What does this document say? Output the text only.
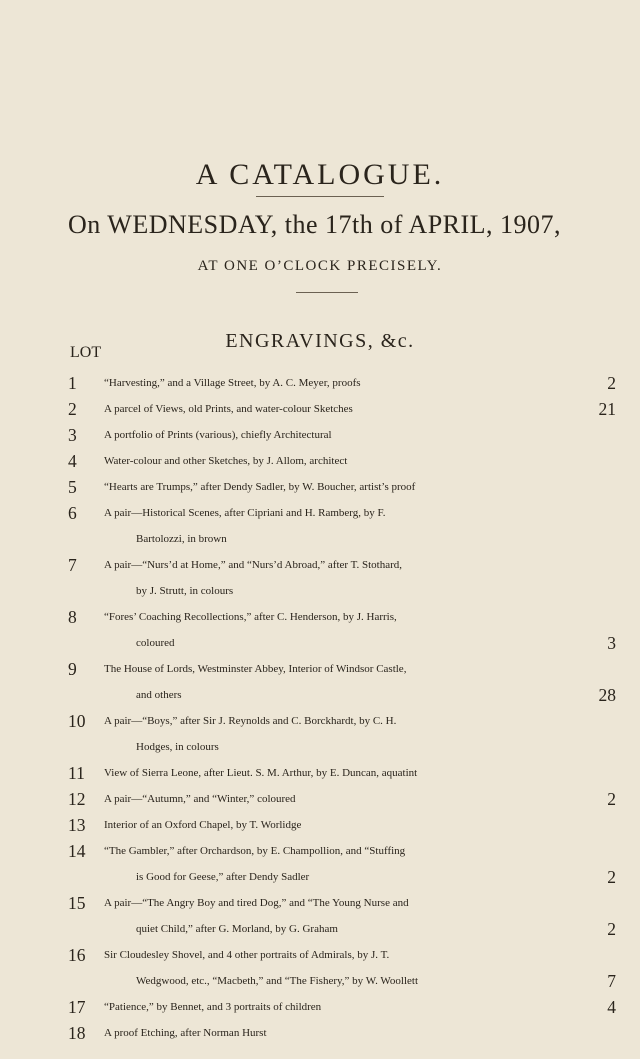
A CATALOGUE.
On WEDNESDAY, the 17th of APRIL, 1907,
AT ONE O’CLOCK PRECISELY.
ENGRAVINGS, &c.
LOT
1	“Harvesting,” and a Village Street, by A. C. Meyer, proofs	2
2	A parcel of Views, old Prints, and water-colour Sketches	21
3	A portfolio of Prints (various), chiefly Architectural
4	Water-colour and other Sketches, by J. Allom, architect
5	“Hearts are Trumps,” after Dendy Sadler, by W. Boucher, artist’s proof
6	A pair—Historical Scenes, after Cipriani and H. Ramberg, by F.
Bartolozzi, in brown
7	A pair—“Nurs’d at Home,” and “Nurs’d Abroad,” after T. Stothard,
by J. Strutt, in colours
8	“Fores’ Coaching Recollections,” after C. Henderson, by J. Harris,
coloured	3
9	The House of Lords, Westminster Abbey, Interior of Windsor Castle,
and others	28
10	A pair—“Boys,” after Sir J. Reynolds and C. Borckhardt, by C. H.
Hodges, in colours
11	View of Sierra Leone, after Lieut. S. M. Arthur, by E. Duncan, aquatint
12	A pair—“Autumn,” and “Winter,” coloured	2
13	Interior of an Oxford Chapel, by T. Worlidge
14	“The Gambler,” after Orchardson, by E. Champollion, and “Stuffing
is Good for Geese,” after Dendy Sadler	2
15	A pair—“The Angry Boy and tired Dog,” and “The Young Nurse and
quiet Child,” after G. Morland, by G. Graham	2
16	Sir Cloudesley Shovel, and 4 other portraits of Admirals, by J. T.
Wedgwood, etc., “Macbeth,” and “The Fishery,” by W. Woollett	7
17	“Patience,” by Bennet, and 3 portraits of children	4
18	A proof Etching, after Norman Hurst
